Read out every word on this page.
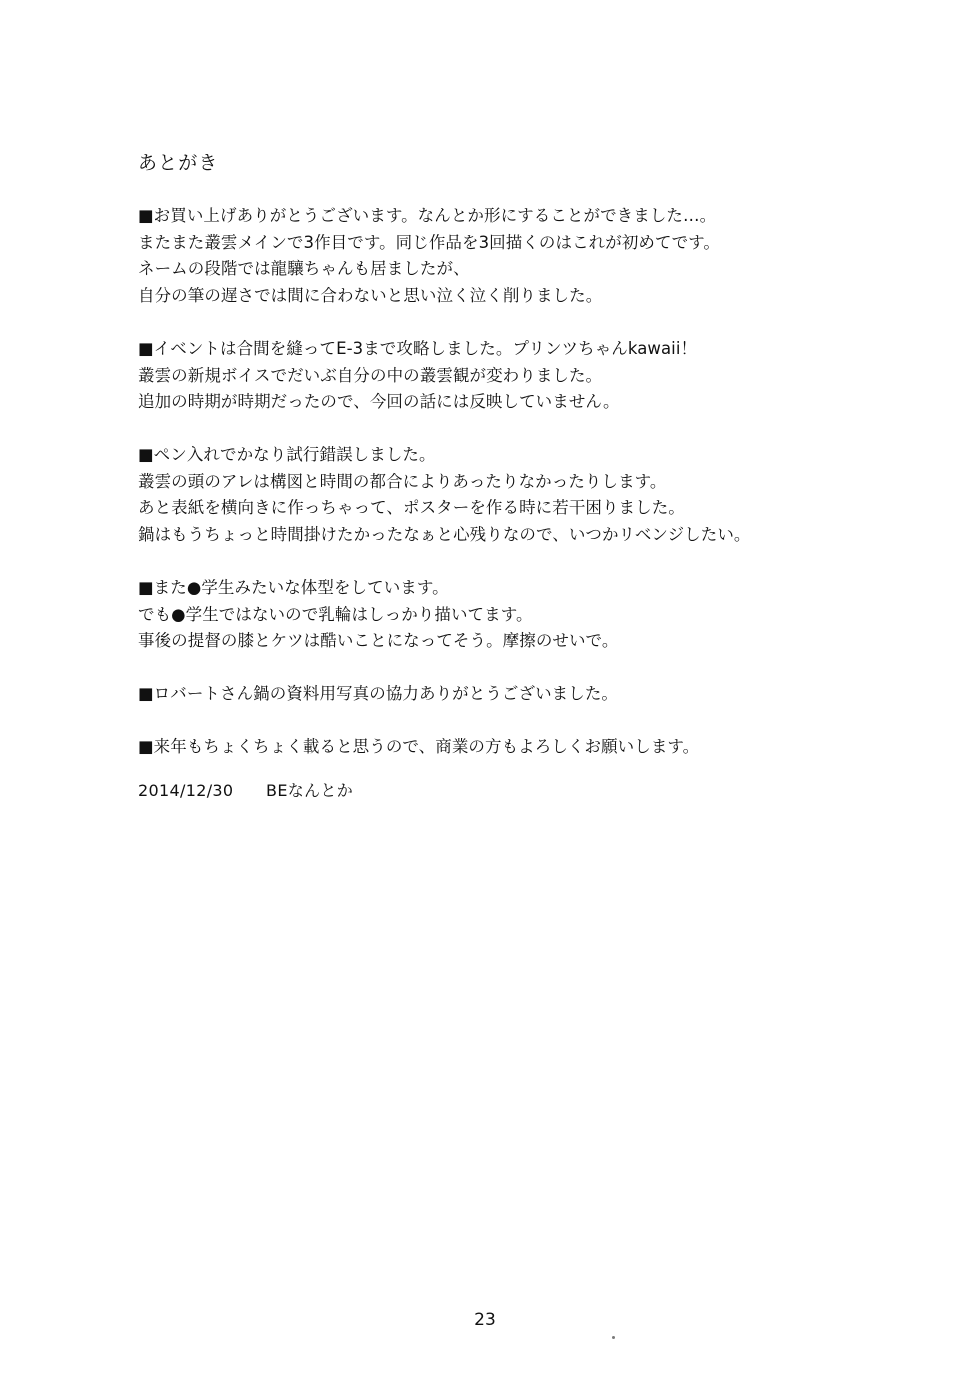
あとがき
■お買い上げありがとうございます。なんとか形にすることができました…。
またまた叢雲メインで3作目です。同じ作品を3回描くのはこれが初めてです。
ネームの段階では龍驤ちゃんも居ましたが、
自分の筆の遅さでは間に合わないと思い泣く泣く削りました。
■イベントは合間を縫ってE-3まで攻略しました。プリンツちゃんkawaii！
叢雲の新規ボイスでだいぶ自分の中の叢雲観が変わりました。
追加の時期が時期だったので、今回の話には反映していません。
■ペン入れでかなり試行錯誤しました。
叢雲の頭のアレは構図と時間の都合によりあったりなかったりします。
あと表紙を横向きに作っちゃって、ポスターを作る時に若干困りました。
鍋はもうちょっと時間掛けたかったなぁと心残りなので、いつかリベンジしたい。
■また●学生みたいな体型をしています。
でも●学生ではないので乳輪はしっかり描いてます。
事後の提督の膝とケツは酷いことになってそう。摩擦のせいで。
■ロバートさん鍋の資料用写真の協力ありがとうございました。
■来年もちょくちょく載ると思うので、商業の方もよろしくお願いします。
2014/12/30　　BEなんとか
23
